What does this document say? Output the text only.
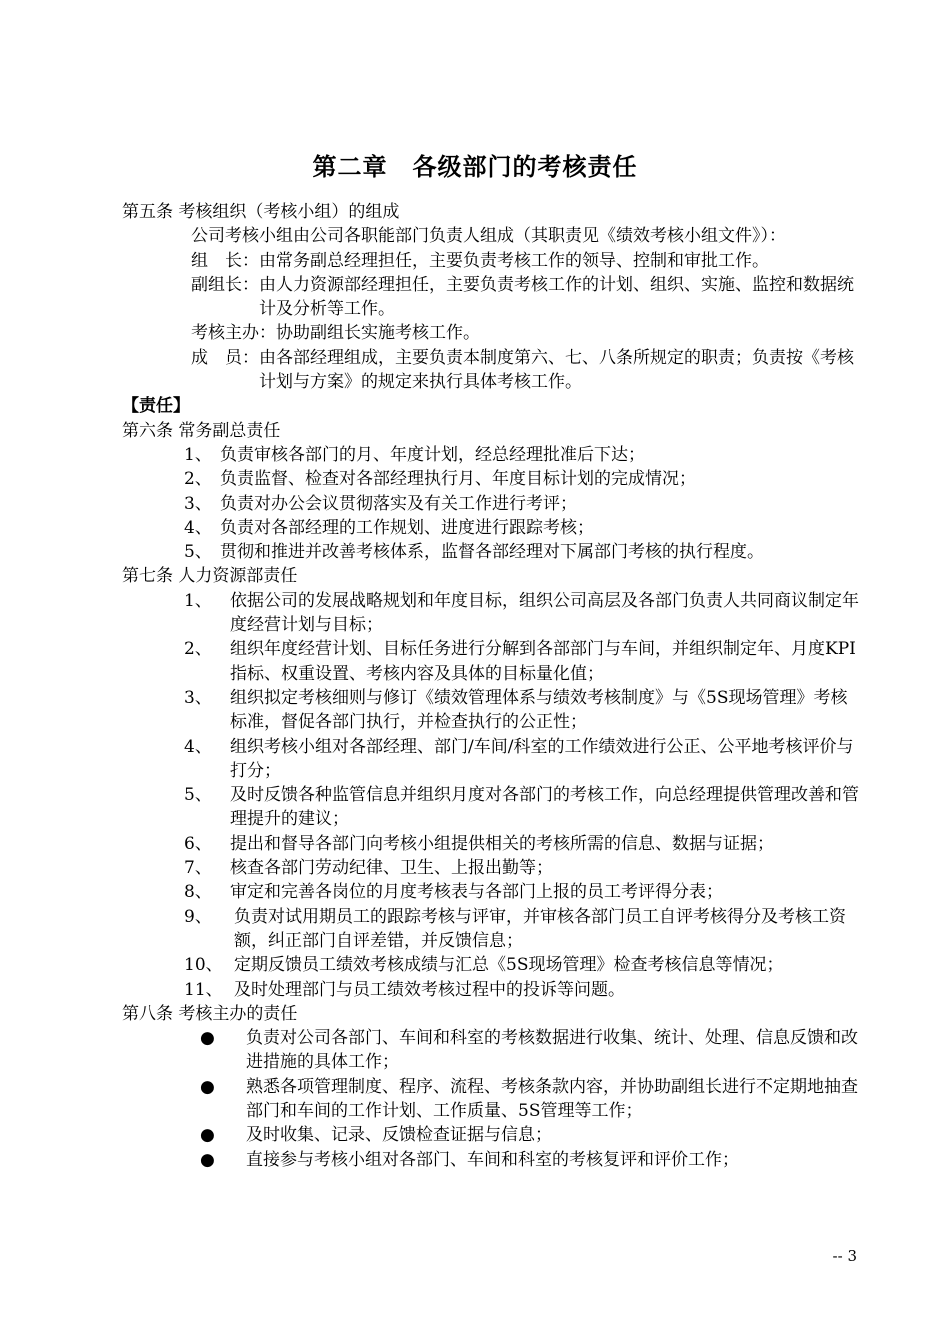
第二章　各级部门的考核责任
第五条 考核组织（考核小组）的组成
公司考核小组由公司各职能部门负责人组成（其职责见《绩效考核小组文件》）：
组　长： 由常务副总经理担任，主要负责考核工作的领导、控制和审批工作。
副组长： 由人力资源部经理担任，主要负责考核工作的计划、组织、实施、监控和数据统计及分析等工作。
考核主办： 协助副组长实施考核工作。
成　员： 由各部经理组成，主要负责本制度第六、七、八条所规定的职责；负责按《考核计划与方案》的规定来执行具体考核工作。
【责任】
第六条 常务副总责任
1、 负责审核各部门的月、年度计划，经总经理批准后下达；
2、 负责监督、检查对各部经理执行月、年度目标计划的完成情况；
3、 负责对办公会议贯彻落实及有关工作进行考评；
4、 负责对各部经理的工作规划、进度进行跟踪考核；
5、 贯彻和推进并改善考核体系，监督各部经理对下属部门考核的执行程度。
第七条 人力资源部责任
1、	依据公司的发展战略规划和年度目标，组织公司高层及各部门负责人共同商议制定年度经营计划与目标；
2、	组织年度经营计划、目标任务进行分解到各部部门与车间，并组织制定年、月度KPI指标、权重设置、考核内容及具体的目标量化值；
3、	组织拟定考核细则与修订《绩效管理体系与绩效考核制度》与《5S现场管理》考核标准，督促各部门执行，并检查执行的公正性；
4、	组织考核小组对各部经理、部门/车间/科室的工作绩效进行公正、公平地考核评价与打分；
5、	及时反馈各种监管信息并组织月度对各部门的考核工作，向总经理提供管理改善和管理提升的建议；
6、	提出和督导各部门向考核小组提供相关的考核所需的信息、数据与证据；
7、	核查各部门劳动纪律、卫生、上报出勤等；
8、	审定和完善各岗位的月度考核表与各部门上报的员工考评得分表；
9、	负责对试用期员工的跟踪考核与评审，并审核各部门员工自评考核得分及考核工资额，纠正部门自评差错，并反馈信息；
10、 定期反馈员工绩效考核成绩与汇总《5S现场管理》检查考核信息等情况；
11、 及时处理部门与员工绩效考核过程中的投诉等问题。
第八条 考核主办的责任
●	负责对公司各部门、车间和科室的考核数据进行收集、统计、处理、信息反馈和改进措施的具体工作；
●	熟悉各项管理制度、程序、流程、考核条款内容，并协助副组长进行不定期地抽查部门和车间的工作计划、工作质量、5S管理等工作；
●	及时收集、记录、反馈检查证据与信息；
●	直接参与考核小组对各部门、车间和科室的考核复评和评价工作；
-- 3
